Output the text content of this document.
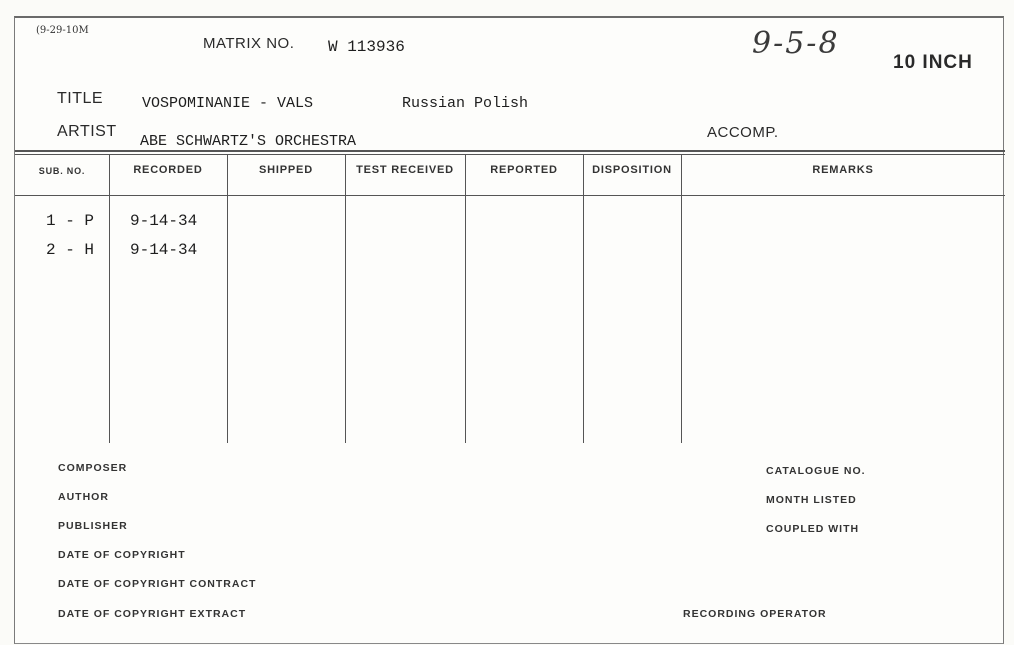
(9-29-10M
MATRIX NO. W 113936	9-5-8
10 INCH
TITLE	VOSPOMINANIE - VALS	Russian Polish
ARTIST
ABE SCHWARTZ'S ORCHESTRA
ACCOMP.
SUB. NO.	RECORDED	SHIPPED	TEST RECEIVED	REPORTED	DISPOSITION	REMARKS
1 - P 9-14-34
2 - H 9-14-34
COMPOSER
AUTHOR
PUBLISHER
DATE OF COPYRIGHT
DATE OF COPYRIGHT CONTRACT
DATE OF COPYRIGHT EXTRACT
CATALOGUE NO.
MONTH LISTED
COUPLED WITH
RECORDING OPERATOR
